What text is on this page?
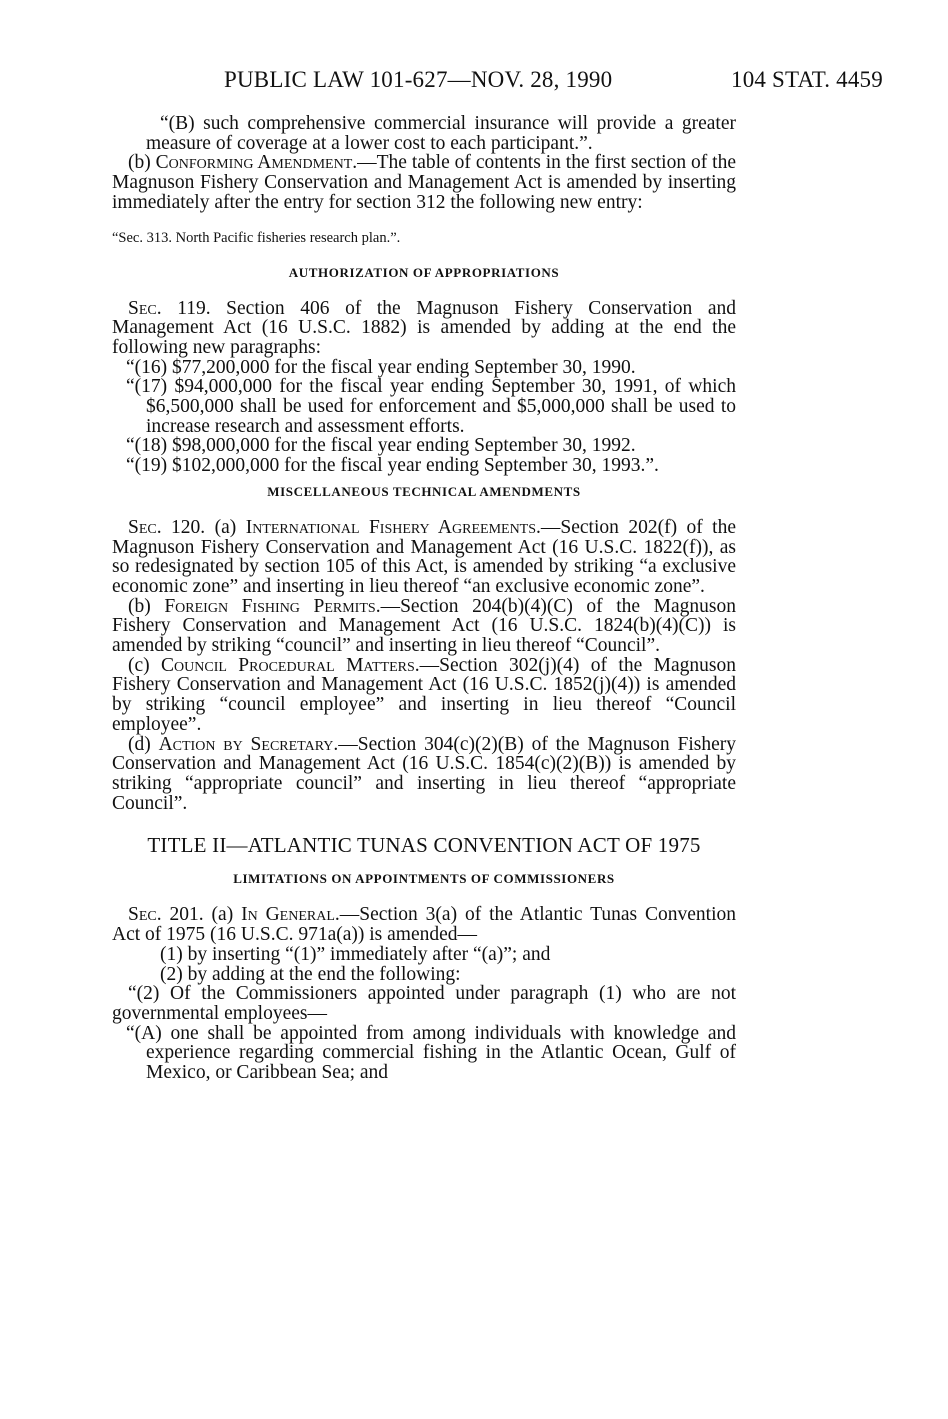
PUBLIC LAW 101-627—NOV. 28, 1990	104 STAT. 4459

“(B) such comprehensive commercial insurance will provide a greater measure of coverage at a lower cost to each participant.”.

(b) Conforming Amendment.—The table of contents in the first section of the Magnuson Fishery Conservation and Management Act is amended by inserting immediately after the entry for section 312 the following new entry:

“Sec. 313. North Pacific fisheries research plan.”.
AUTHORIZATION OF APPROPRIATIONS

Sec. 119. Section 406 of the Magnuson Fishery Conservation and Management Act (16 U.S.C. 1882) is amended by adding at the end the following new paragraphs:

“(16) $77,200,000 for the fiscal year ending September 30, 1990.

“(17) $94,000,000 for the fiscal year ending September 30, 1991, of which $6,500,000 shall be used for enforcement and $5,000,000 shall be used to increase research and assessment efforts.

“(18) $98,000,000 for the fiscal year ending September 30, 1992.

“(19) $102,000,000 for the fiscal year ending September 30, 1993.”.

MISCELLANEOUS TECHNICAL AMENDMENTS

Sec. 120. (a) International Fishery Agreements.—Section 202(f) of the Magnuson Fishery Conservation and Management Act (16 U.S.C. 1822(f)), as so redesignated by section 105 of this Act, is amended by striking “a exclusive economic zone” and inserting in lieu thereof “an exclusive economic zone”.

(b) Foreign Fishing Permits.—Section 204(b)(4)(C) of the Magnuson Fishery Conservation and Management Act (16 U.S.C. 1824(b)(4)(C)) is amended by striking “council” and inserting in lieu thereof “Council”.

(c) Council Procedural Matters.—Section 302(j)(4) of the Magnuson Fishery Conservation and Management Act (16 U.S.C. 1852(j)(4)) is amended by striking “council employee” and inserting in lieu thereof “Council employee”.

(d) Action by Secretary.—Section 304(c)(2)(B) of the Magnuson Fishery Conservation and Management Act (16 U.S.C. 1854(c)(2)(B)) is amended by striking “appropriate council” and inserting in lieu thereof “appropriate Council”.

TITLE II—ATLANTIC TUNAS CONVENTION ACT OF 1975
LIMITATIONS ON APPOINTMENTS OF COMMISSIONERS

Sec. 201. (a) In General.—Section 3(a) of the Atlantic Tunas Convention Act of 1975 (16 U.S.C. 971a(a)) is amended—

(1) by inserting “(1)” immediately after “(a)”; and

(2) by adding at the end the following:

“(2) Of the Commissioners appointed under paragraph (1) who are not governmental employees—

“(A) one shall be appointed from among individuals with knowledge and experience regarding commercial fishing in the Atlantic Ocean, Gulf of Mexico, or Caribbean Sea; and
